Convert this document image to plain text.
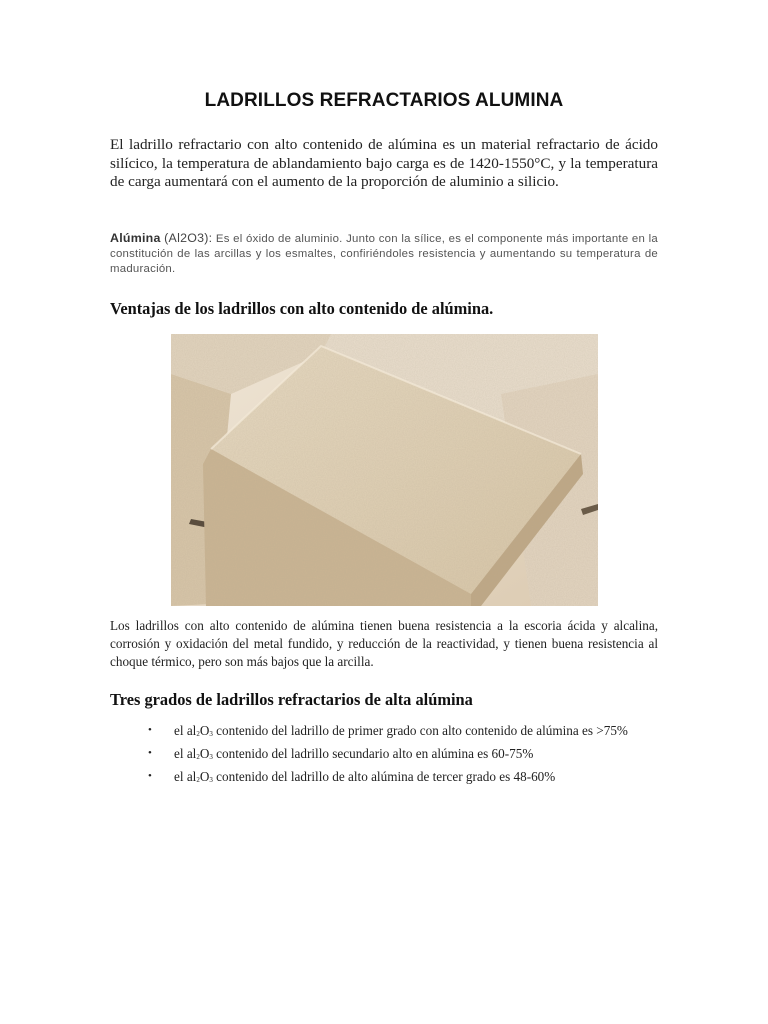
LADRILLOS REFRACTARIOS ALUMINA

El ladrillo refractario con alto contenido de alúmina es un material refractario de ácido silícico, la temperatura de ablandamiento bajo carga es de 1420-1550°C, y la temperatura de carga aumentará con el aumento de la proporción de aluminio a silicio.

Alúmina (Al2O3): Es el óxido de aluminio. Junto con la sílice, es el componente más importante en la constitución de las arcillas y los esmaltes, confiriéndoles resistencia y aumentando su temperatura de maduración.

Ventajas de los ladrillos con alto contenido de alúmina.

Los ladrillos con alto contenido de alúmina tienen buena resistencia a la escoria ácida y alcalina, corrosión y oxidación del metal fundido, y reducción de la reactividad, y tienen buena resistencia al choque térmico, pero son más bajos que la arcilla.

Tres grados de ladrillos refractarios de alta alúmina
• el $al_2O_3$ contenido del ladrillo de primer grado con alto contenido de alúmina es >75%
• el $al_2O_3$ contenido del ladrillo secundario alto en alúmina es 60-75%
• el $al_2O_3$ contenido del ladrillo de alto alúmina de tercer grado es 48-60%
